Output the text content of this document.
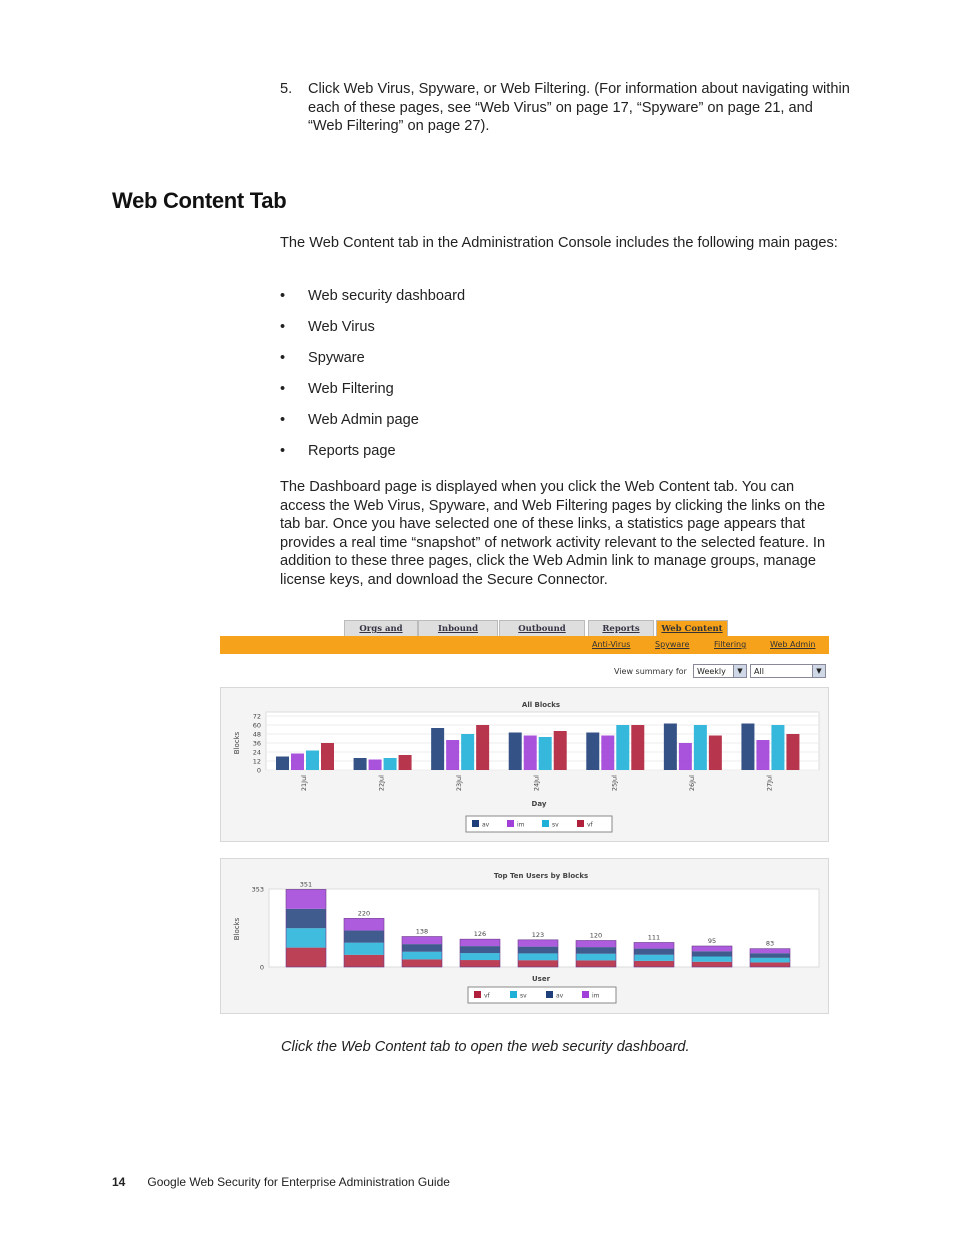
5. Click Web Virus, Spyware, or Web Filtering. (For information about navigating within each of these pages, see “Web Virus” on page 17, “Spyware” on page 21, and “Web Filtering” on page 27).
Web Content Tab
The Web Content tab in the Administration Console includes the following main pages:
• Web security dashboard
• Web Virus
• Spyware
• Web Filtering
• Web Admin page
• Reports page
The Dashboard page is displayed when you click the Web Content tab. You can access the Web Virus, Spyware, and Web Filtering pages by clicking the links on the tab bar. Once you have selected one of these links, a statistics page appears that provides a real time “snapshot” of network activity relevant to the selected feature. In addition to these three pages, click the Web Admin link to manage groups, manage license keys, and download the Secure Connector.
Orgs and	Inbound	Outbound	Reports	Web Content
Anti-Virus	Spyware	Filtering	Web Admin
View summary for	Weekly	▼	All	▼
All Blocks
Blocks
72
60
48
36
24
12
0
21Jul	22Jul	23Jul	24Jul	25Jul	26Jul	27Jul
Day
av	im	sv	vf
Top Ten Users by Blocks
Blocks
353
0
351
220
138	126	123	120	111	95	83
User
vf	sv	av	im
Click the Web Content tab to open the web security dashboard.
14 Google Web Security for Enterprise Administration Guide
